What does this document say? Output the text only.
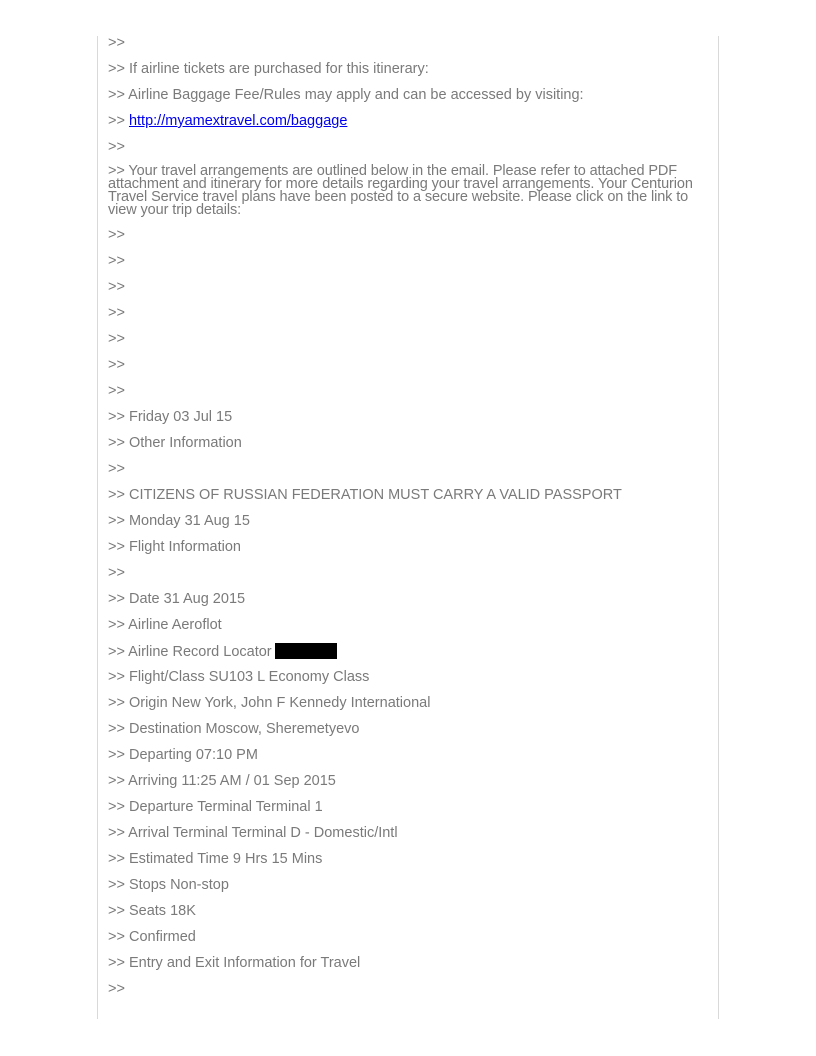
>>
>> If airline tickets are purchased for this itinerary:
>> Airline Baggage Fee/Rules may apply and can be accessed by visiting:
>> http://myamextravel.com/baggage
>>
>> Your travel arrangements are outlined below in the email. Please refer to attached PDF attachment and itinerary for more details regarding your travel arrangements. Your Centurion Travel Service travel plans have been posted to a secure website. Please click on the link to view your trip details:
>>
>>
>>
>>
>>
>>
>>
>> Friday 03 Jul 15
>> Other Information
>>
>> CITIZENS OF RUSSIAN FEDERATION MUST CARRY A VALID PASSPORT
>> Monday 31 Aug 15
>> Flight Information
>>
>> Date 31 Aug 2015
>> Airline Aeroflot
>> Airline Record Locator
>> Flight/Class SU103 L Economy Class
>> Origin New York, John F Kennedy International
>> Destination Moscow, Sheremetyevo
>> Departing 07:10 PM
>> Arriving 11:25 AM / 01 Sep 2015
>> Departure Terminal Terminal 1
>> Arrival Terminal Terminal D - Domestic/Intl
>> Estimated Time 9 Hrs 15 Mins
>> Stops Non-stop
>> Seats 18K
>> Confirmed
>> Entry and Exit Information for Travel
>>
